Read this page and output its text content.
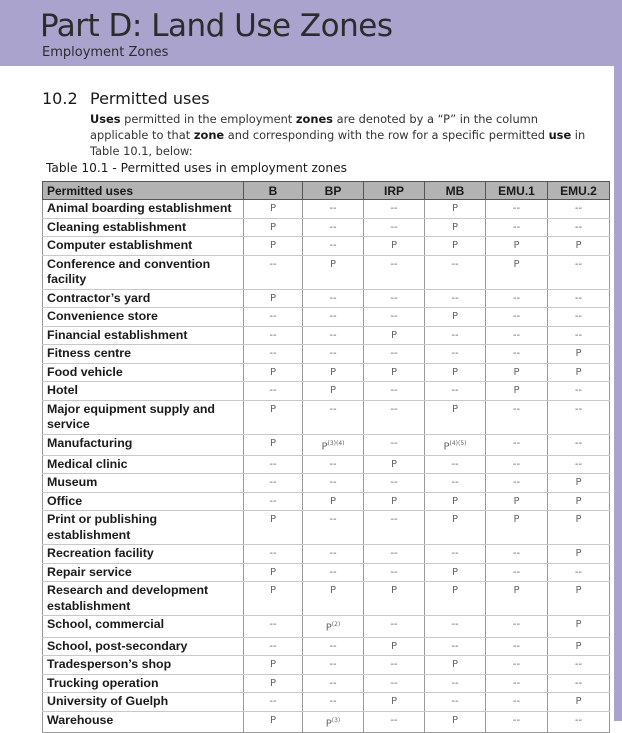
Part D: Land Use Zones
Employment Zones
10.2 Permitted uses
Uses permitted in the employment zones are denoted by a “P” in the column applicable to that zone and corresponding with the row for a specific permitted use in Table 10.1, below:
Table 10.1 - Permitted uses in employment zones
Permitted uses	B	BP	IRP	MB	EMU.1	EMU.2
Animal boarding establishment	P	--	--	P	--	--
Cleaning establishment	P	--	--	P	--	--
Computer establishment	P	--	P	P	P	P
Conference and convention facility	--	P	--	--	P	--
Contractor’s yard	P	--	--	--	--	--
Convenience store	--	--	--	P	--	--
Financial establishment	--	--	P	--	--	--
Fitness centre	--	--	--	--	--	P
Food vehicle	P	P	P	P	P	P
Hotel	--	P	--	--	P	--
Major equipment supply and service	P	--	--	P	--	--
Manufacturing	P	$P^{(3)(4)}$	--	$P^{(4)(5)}$	--	--
Medical clinic	--	--	P	--	--	--
Museum	--	--	--	--	--	P
Office	--	P	P	P	P	P
Print or publishing establishment	P	--	--	P	P	P
Recreation facility	--	--	--	--	--	P
Repair service	P	--	--	P	--	--
Research and development establishment	P	P	P	P	P	P
School, commercial	--	$P^{(2)}$	--	--	--	P
School, post-secondary	--	--	P	--	--	P
Tradesperson’s shop	P	--	--	P	--	--
Trucking operation	P	--	--	--	--	--
University of Guelph	--	--	P	--	--	P
Warehouse	P	$P^{(3)}$	--	P	--	--
